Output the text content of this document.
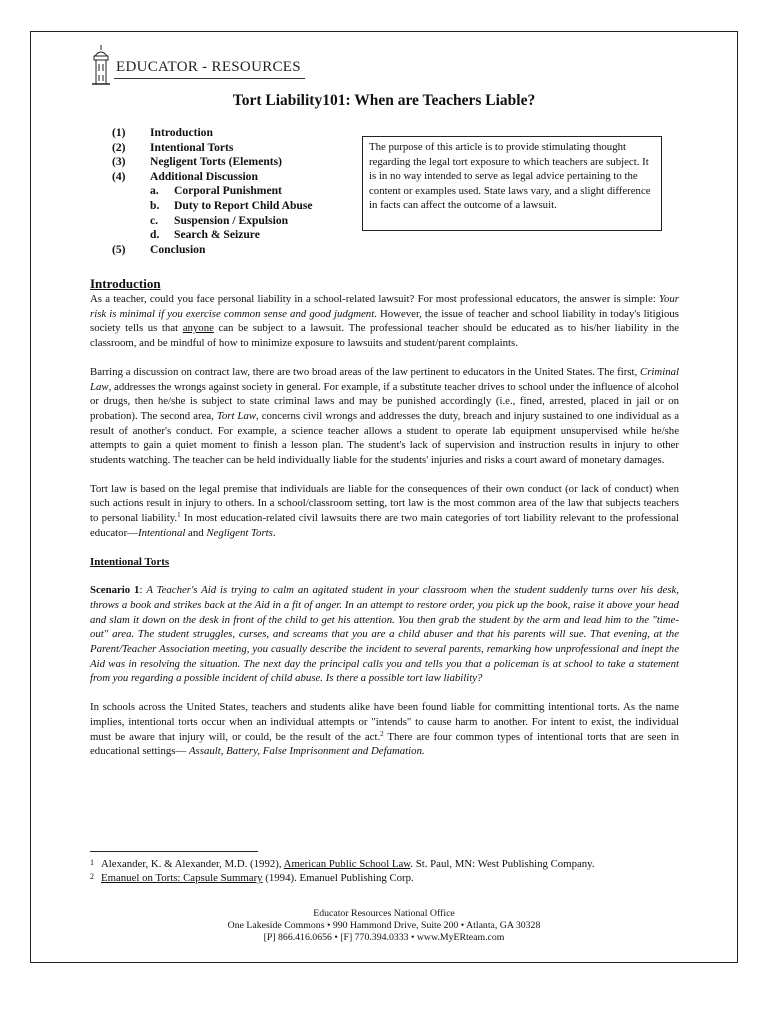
EDUCATOR - RESOURCES
Tort Liability101: When are Teachers Liable?
(1)	Introduction
(2)	Intentional Torts
(3)	Negligent Torts (Elements)
(4)	Additional Discussion
a.	Corporal Punishment
b.	Duty to Report Child Abuse
c.	Suspension / Expulsion
d.	Search & Seizure
(5)	Conclusion
The purpose of this article is to provide stimulating thought regarding the legal tort exposure to which teachers are subject. It is in no way intended to serve as legal advice pertaining to the content or examples used. State laws vary, and a slight difference in facts can affect the outcome of a lawsuit.
Introduction

As a teacher, could you face personal liability in a school-related lawsuit? For most professional educators, the answer is simple: Your risk is minimal if you exercise common sense and good judgment. However, the issue of teacher and school liability in today's litigious society tells us that anyone can be subject to a lawsuit. The professional teacher should be educated as to his/her liability in the classroom, and be mindful of how to minimize exposure to lawsuits and student/parent complaints.

Barring a discussion on contract law, there are two broad areas of the law pertinent to educators in the United States. The first, Criminal Law, addresses the wrongs against society in general. For example, if a substitute teacher drives to school under the influence of alcohol or drugs, then he/she is subject to state criminal laws and may be punished accordingly (i.e., fined, arrested, placed in jail or on probation). The second area, Tort Law, concerns civil wrongs and addresses the duty, breach and injury sustained to one individual as a result of another's conduct. For example, a science teacher allows a student to operate lab equipment unsupervised while he/she attempts to gain a quiet moment to finish a lesson plan. The student's lack of supervision and instruction results in injury to other students watching. The teacher can be held individually liable for the students' injuries and risks a court award of monetary damages.

Tort law is based on the legal premise that individuals are liable for the consequences of their own conduct (or lack of conduct) when such actions result in injury to others. In a school/classroom setting, tort law is the most common area of the law that subjects teachers to personal liability.$^1$ In most education-related civil lawsuits there are two main categories of tort liability relevant to the professional educator—Intentional and Negligent Torts.

Intentional Torts

Scenario 1: A Teacher's Aid is trying to calm an agitated student in your classroom when the student suddenly turns over his desk, throws a book and strikes back at the Aid in a fit of anger. In an attempt to restore order, you pick up the book, raise it above your head and slam it down on the desk in front of the child to get his attention. You then grab the student by the arm and lead him to the "time-out" area. The student struggles, curses, and screams that you are a child abuser and that his parents will sue. That evening, at the Parent/Teacher Association meeting, you casually describe the incident to several parents, remarking how unprofessional and inept the Aid was in resolving the situation. The next day the principal calls you and tells you that a policeman is at school to take a statement from you regarding a possible incident of child abuse. Is there a possible tort law liability?

In schools across the United States, teachers and students alike have been found liable for committing intentional torts. As the name implies, intentional torts occur when an individual attempts or "intends" to cause harm to another. For intent to exist, the individual must be aware that injury will, or could, be the result of the act.$^2$ There are four common types of intentional torts that are seen in educational settings— Assault, Battery, False Imprisonment and Defamation.

1 Alexander, K. & Alexander, M.D. (1992), American Public School Law. St. Paul, MN: West Publishing Company.
2 Emanuel on Torts: Capsule Summary (1994). Emanuel Publishing Corp.
Educator Resources National Office
One Lakeside Commons • 990 Hammond Drive, Suite 200 • Atlanta, GA 30328
[P] 866.416.0656 • [F] 770.394.0333 • www.MyERteam.com
